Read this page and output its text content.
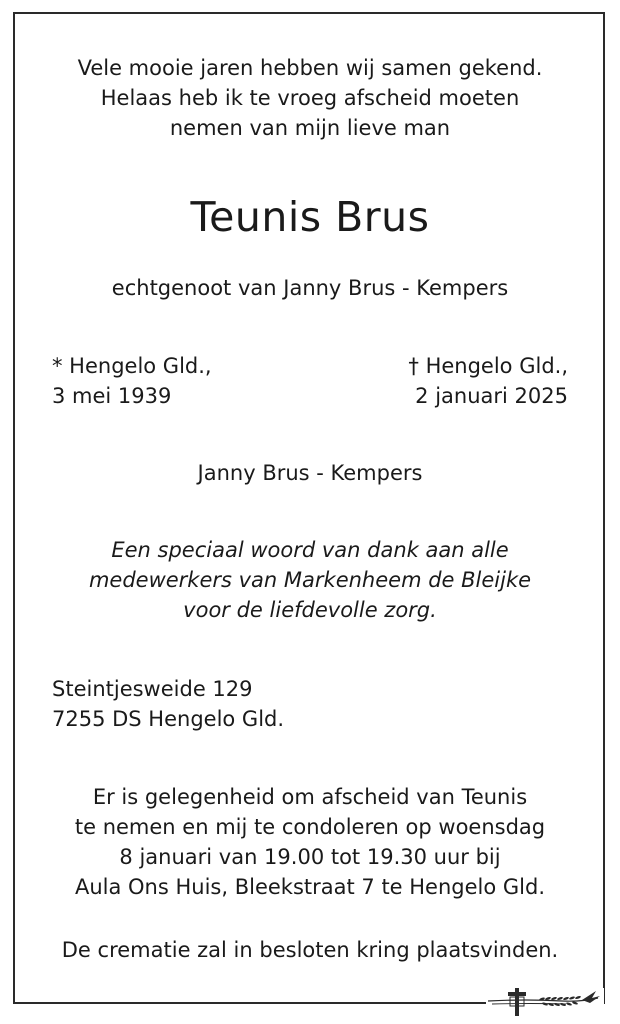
Vele mooie jaren hebben wij samen gekend.
Helaas heb ik te vroeg afscheid moeten
nemen van mijn lieve man
Teunis Brus
echtgenoot van Janny Brus - Kempers
* Hengelo Gld.,
3 mei 1939
† Hengelo Gld.,
2 januari 2025
Janny Brus - Kempers
Een speciaal woord van dank aan alle
medewerkers van Markenheem de Bleijke
voor de liefdevolle zorg.
Steintjesweide 129
7255 DS Hengelo Gld.
Er is gelegenheid om afscheid van Teunis
te nemen en mij te condoleren op woensdag
8 januari van 19.00 tot 19.30 uur bij
Aula Ons Huis, Bleekstraat 7 te Hengelo Gld.
De crematie zal in besloten kring plaatsvinden.
